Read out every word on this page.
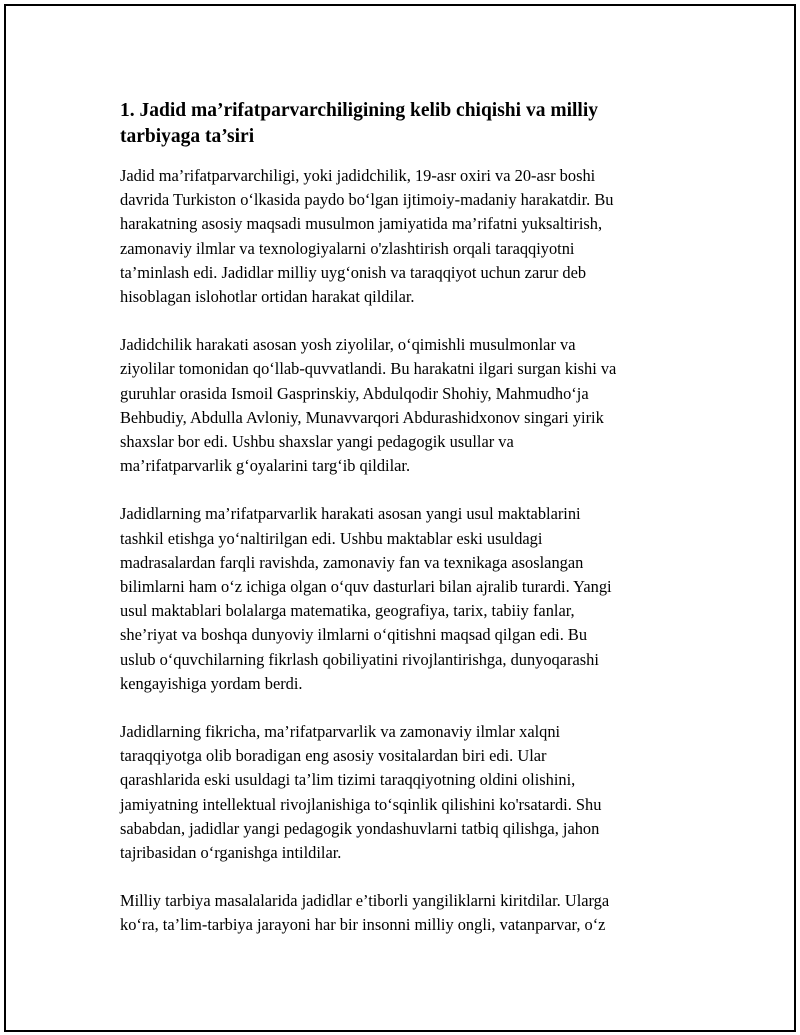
1. Jadid ma’rifatparvarchiligining kelib chiqishi va milliy
tarbiyaga ta’siri

Jadid ma’rifatparvarchiligi, yoki jadidchilik, 19-asr oxiri va 20-asr boshi
davrida Turkiston o‘lkasida paydo bo‘lgan ijtimoiy-madaniy harakatdir. Bu
harakatning asosiy maqsadi musulmon jamiyatida ma’rifatni yuksaltirish,
zamonaviy ilmlar va texnologiyalarni o'zlashtirish orqali taraqqiyotni
ta’minlash edi. Jadidlar milliy uyg‘onish va taraqqiyot uchun zarur deb
hisoblagan islohotlar ortidan harakat qildilar.

Jadidchilik harakati asosan yosh ziyolilar, o‘qimishli musulmonlar va
ziyolilar tomonidan qo‘llab-quvvatlandi. Bu harakatni ilgari surgan kishi va
guruhlar orasida Ismoil Gasprinskiy, Abdulqodir Shohiy, Mahmudho‘ja
Behbudiy, Abdulla Avloniy, Munavvarqori Abdurashidxonov singari yirik
shaxslar bor edi. Ushbu shaxslar yangi pedagogik usullar va
ma’rifatparvarlik g‘oyalarini targ‘ib qildilar.

Jadidlarning ma’rifatparvarlik harakati asosan yangi usul maktablarini
tashkil etishga yo‘naltirilgan edi. Ushbu maktablar eski usuldagi
madrasalardan farqli ravishda, zamonaviy fan va texnikaga asoslangan
bilimlarni ham o‘z ichiga olgan o‘quv dasturlari bilan ajralib turardi. Yangi
usul maktablari bolalarga matematika, geografiya, tarix, tabiiy fanlar,
she’riyat va boshqa dunyoviy ilmlarni o‘qitishni maqsad qilgan edi. Bu
uslub o‘quvchilarning fikrlash qobiliyatini rivojlantirishga, dunyoqarashi
kengayishiga yordam berdi.

Jadidlarning fikricha, ma’rifatparvarlik va zamonaviy ilmlar xalqni
taraqqiyotga olib boradigan eng asosiy vositalardan biri edi. Ular
qarashlarida eski usuldagi ta’lim tizimi taraqqiyotning oldini olishini,
jamiyatning intellektual rivojlanishiga to‘sqinlik qilishini ko'rsatardi. Shu
sababdan, jadidlar yangi pedagogik yondashuvlarni tatbiq qilishga, jahon
tajribasidan o‘rganishga intildilar.

Milliy tarbiya masalalarida jadidlar e’tiborli yangiliklarni kiritdilar. Ularga
ko‘ra, ta’lim-tarbiya jarayoni har bir insonni milliy ongli, vatanparvar, o‘z
